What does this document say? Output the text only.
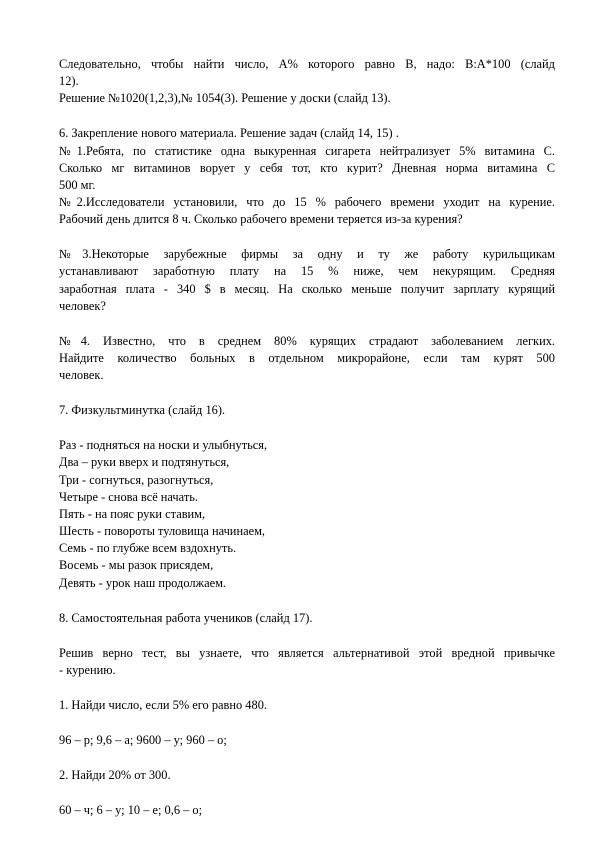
Следовательно, чтобы найти число, А% которого равно В, надо: В:А*100 (слайд
12).
Решение №1020(1,2,3),№ 1054(3). Решение у доски (слайд 13).
6. Закрепление нового материала. Решение задач (слайд 14, 15) .
№1.Ребята, по статистике одна выкуренная сигарета нейтрализует 5% витамина С.
Сколько мг витаминов ворует у себя тот, кто курит? Дневная норма витамина С
500 мг.
№2.Исследователи установили, что до 15 % рабочего времени уходит на курение.
Рабочий день длится 8 ч. Сколько рабочего времени теряется из-за курения?
№3.Некоторые зарубежные фирмы за одну и ту же работу курильщикам
устанавливают заработную плату на 15 % ниже, чем некурящим. Средняя
заработная плата - 340 $ в месяц. На сколько меньше получит зарплату курящий
человек?
№4. Известно, что в среднем 80% курящих страдают заболеванием легких.
Найдите количество больных в отдельном микрорайоне, если там курят 500
человек.
7. Физкультминутка (слайд 16).
Раз - подняться на носки и улыбнуться,
Два – руки вверх и подтянуться,
Три - согнуться, разогнуться,
Четыре - снова всё начать.
Пять - на пояс руки ставим,
Шесть - повороты туловища начинаем,
Семь - по глубже всем вздохнуть.
Восемь - мы разок присядем,
Девять - урок наш продолжаем.
8. Самостоятельная работа учеников (слайд 17).
Решив верно тест, вы узнаете, что является альтернативой этой вредной привычке
- курению.
1. Найди число, если 5% его равно 480.
96 – р; 9,6 – а; 9600 – у; 960 – о;
2. Найди 20% от 300.
60 – ч; 6 – у; 10 – е; 0,6 – о;
